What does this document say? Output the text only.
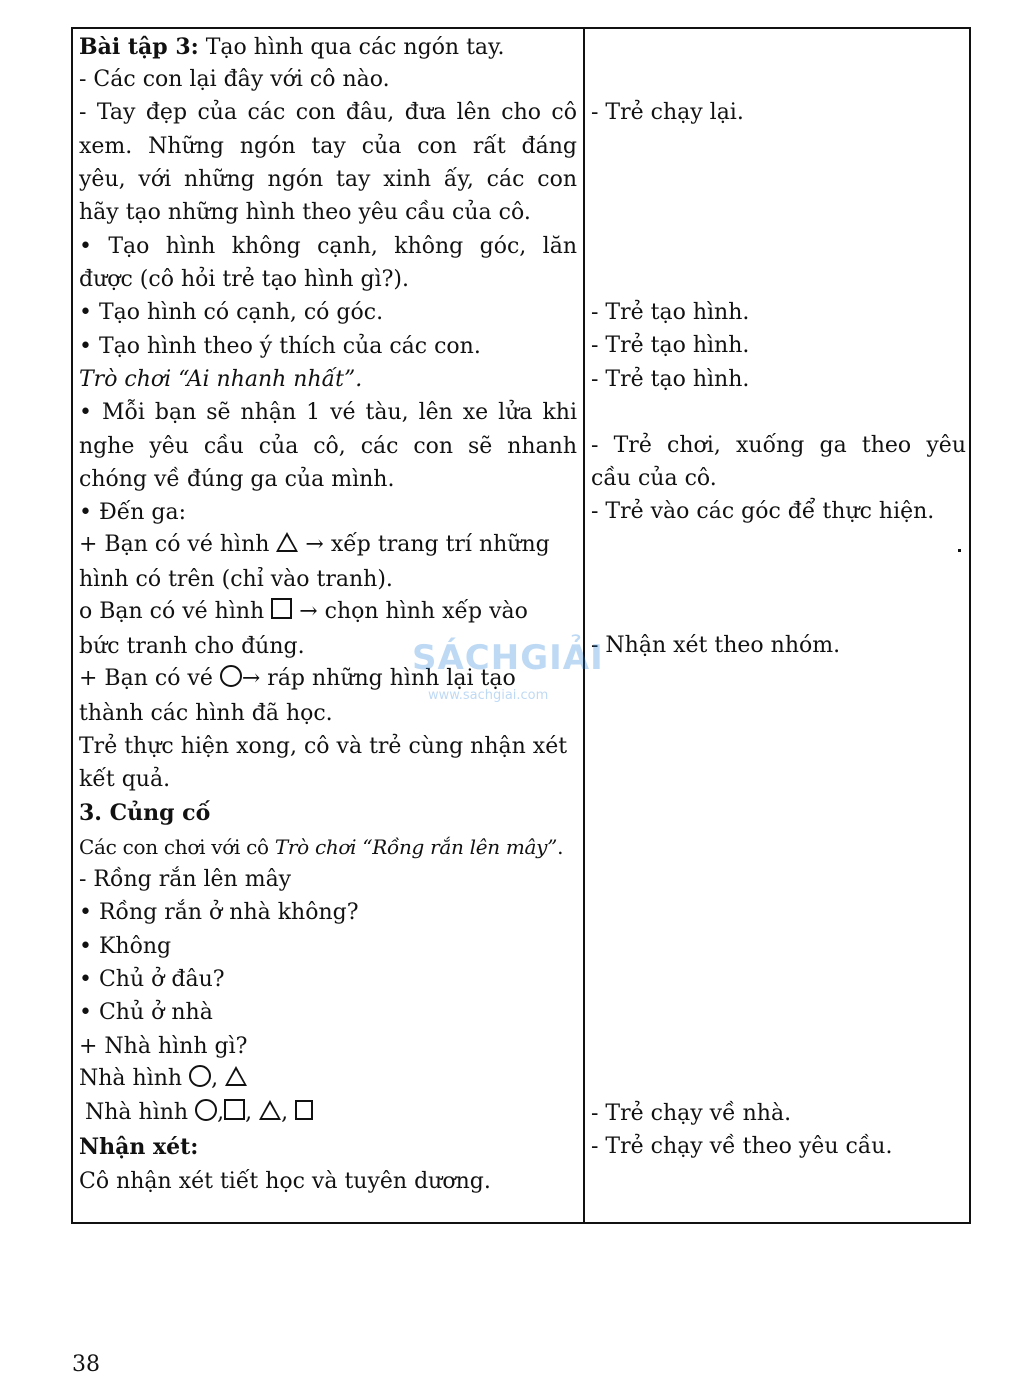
Bài tập 3: Tạo hình qua các ngón tay.
- Các con lại đây với cô nào.
- Tay đẹp của các con đâu, đưa lên cho cô
xem. Những ngón tay của con rất đáng
yêu, với những ngón tay xinh ấy, các con
hãy tạo những hình theo yêu cầu của cô.
• Tạo hình không cạnh, không góc, lăn
được (cô hỏi trẻ tạo hình gì?).
• Tạo hình có cạnh, có góc.
• Tạo hình theo ý thích của các con.
Trò chơi “Ai nhanh nhất”.
• Mỗi bạn sẽ nhận 1 vé tàu, lên xe lửa khi
nghe yêu cầu của cô, các con sẽ nhanh
chóng về đúng ga của mình.
• Đến ga:
+ Bạn có vé hình  → xếp trang trí những
hình có trên (chỉ vào tranh).
o Bạn có vé hình  → chọn hình xếp vào
bức tranh cho đúng.
+ Bạn có vé → ráp những hình lại tạo
thành các hình đã học.
Trẻ thực hiện xong, cô và trẻ cùng nhận xét
kết quả.
3. Củng cố
Các con chơi với cô Trò chơi “Rồng rắn lên mây”.
- Rồng rắn lên mây
• Rồng rắn ở nhà không?
• Không
• Chủ ở đâu?
• Chủ ở nhà
+ Nhà hình gì?
Nhà hình ,
Nhà hình , , ,
Nhận xét:
Cô nhận xét tiết học và tuyên dương.
- Trẻ chạy lại.
- Trẻ tạo hình.
- Trẻ tạo hình.
- Trẻ tạo hình.
- Trẻ chơi, xuống ga theo yêu
cầu của cô.
- Trẻ vào các góc để thực hiện.
- Nhận xét theo nhóm.
- Trẻ chạy về nhà.
- Trẻ chạy về theo yêu cầu.
SÁCHGIẢI
www.sachgiai.com
38
